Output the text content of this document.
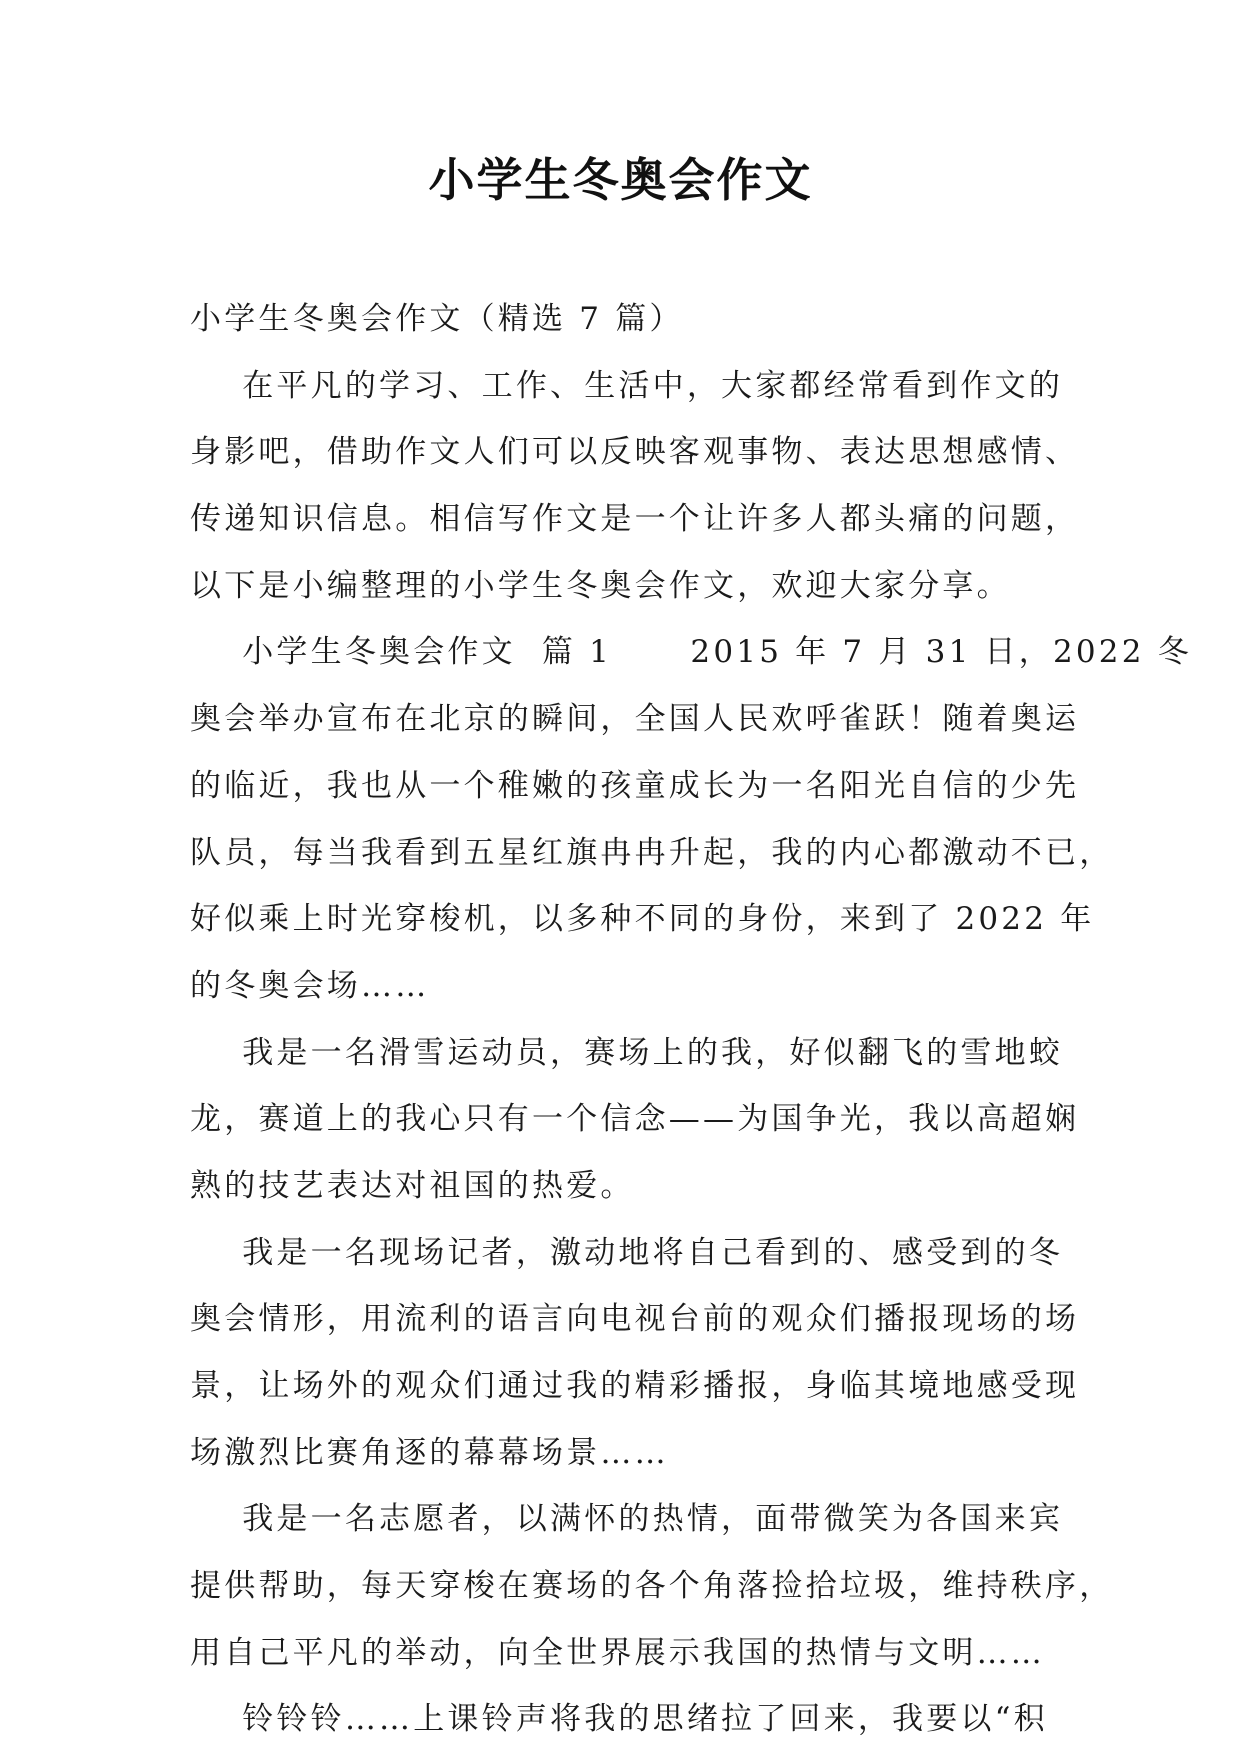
小学生冬奥会作文
小学生冬奥会作文（精选 7 篇）
在平凡的学习、工作、生活中，大家都经常看到作文的
身影吧，借助作文人们可以反映客观事物、表达思想感情、
传递知识信息。相信写作文是一个让许多人都头痛的问题，
以下是小编整理的小学生冬奥会作文，欢迎大家分享。
小学生冬奥会作文  篇 1      2015 年 7 月 31 日，2022 冬
奥会举办宣布在北京的瞬间，全国人民欢呼雀跃！随着奥运
的临近，我也从一个稚嫩的孩童成长为一名阳光自信的少先
队员，每当我看到五星红旗冉冉升起，我的内心都激动不已，
好似乘上时光穿梭机，以多种不同的身份，来到了 2022 年
的冬奥会场……
我是一名滑雪运动员，赛场上的我，好似翻飞的雪地蛟
龙，赛道上的我心只有一个信念——为国争光，我以高超娴
熟的技艺表达对祖国的热爱。
我是一名现场记者，激动地将自己看到的、感受到的冬
奥会情形，用流利的语言向电视台前的观众们播报现场的场
景，让场外的观众们通过我的精彩播报，身临其境地感受现
场激烈比赛角逐的幕幕场景……
我是一名志愿者，以满怀的热情，面带微笑为各国来宾
提供帮助，每天穿梭在赛场的各个角落捡拾垃圾，维持秩序，
用自己平凡的举动，向全世界展示我国的热情与文明……
铃铃铃……上课铃声将我的思绪拉了回来，我要以“积
